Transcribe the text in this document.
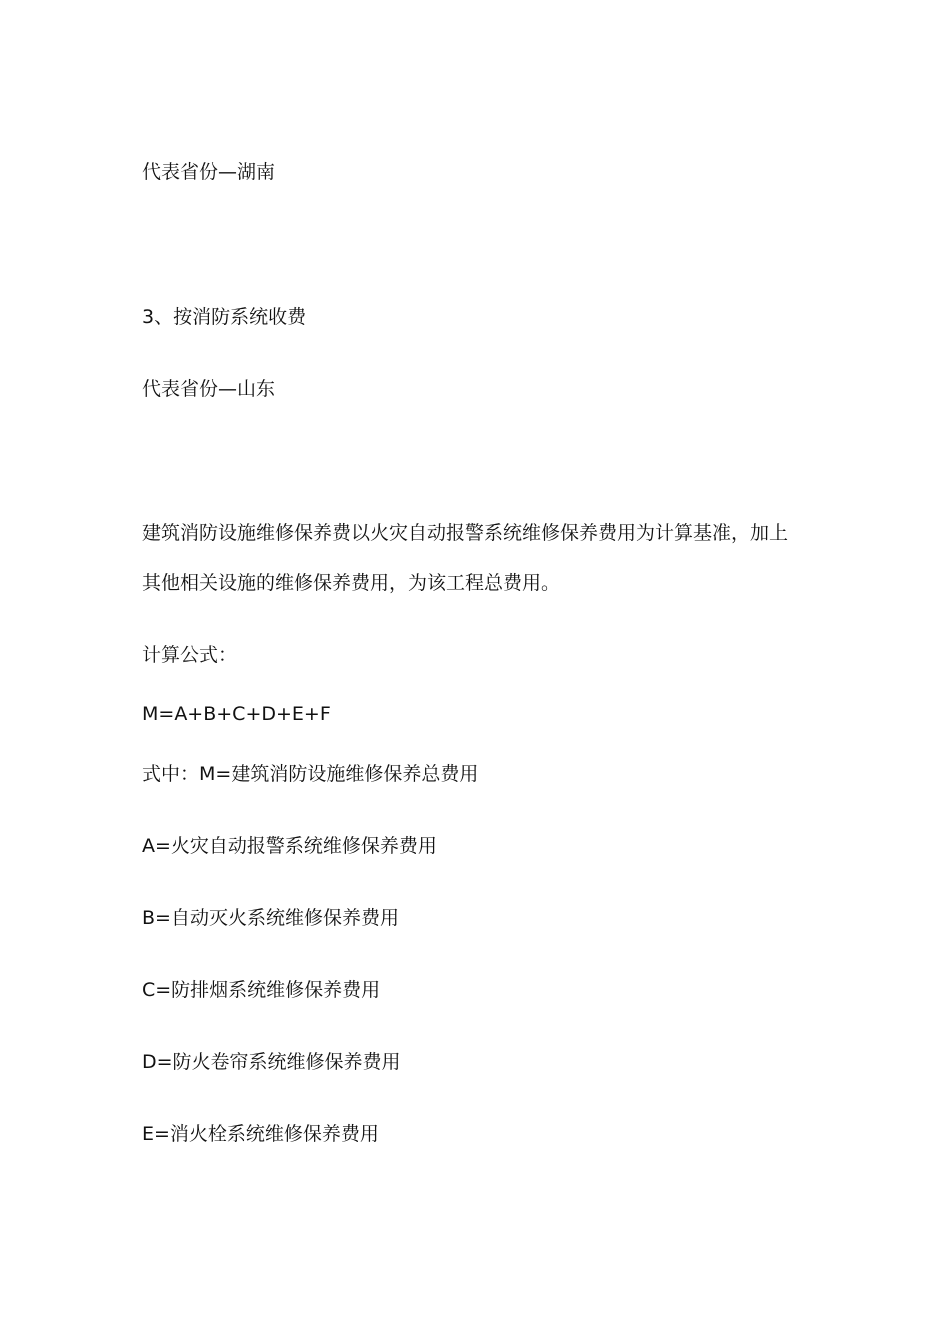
代表省份—湖南

3、按消防系统收费

代表省份—山东

建筑消防设施维修保养费以火灾自动报警系统维修保养费用为计算基准，加上

其他相关设施的维修保养费用，为该工程总费用。

计算公式：

M=A+B+C+D+E+F

式中：M=建筑消防设施维修保养总费用

A=火灾自动报警系统维修保养费用

B=自动灭火系统维修保养费用

C=防排烟系统维修保养费用

D=防火卷帘系统维修保养费用

E=消火栓系统维修保养费用
